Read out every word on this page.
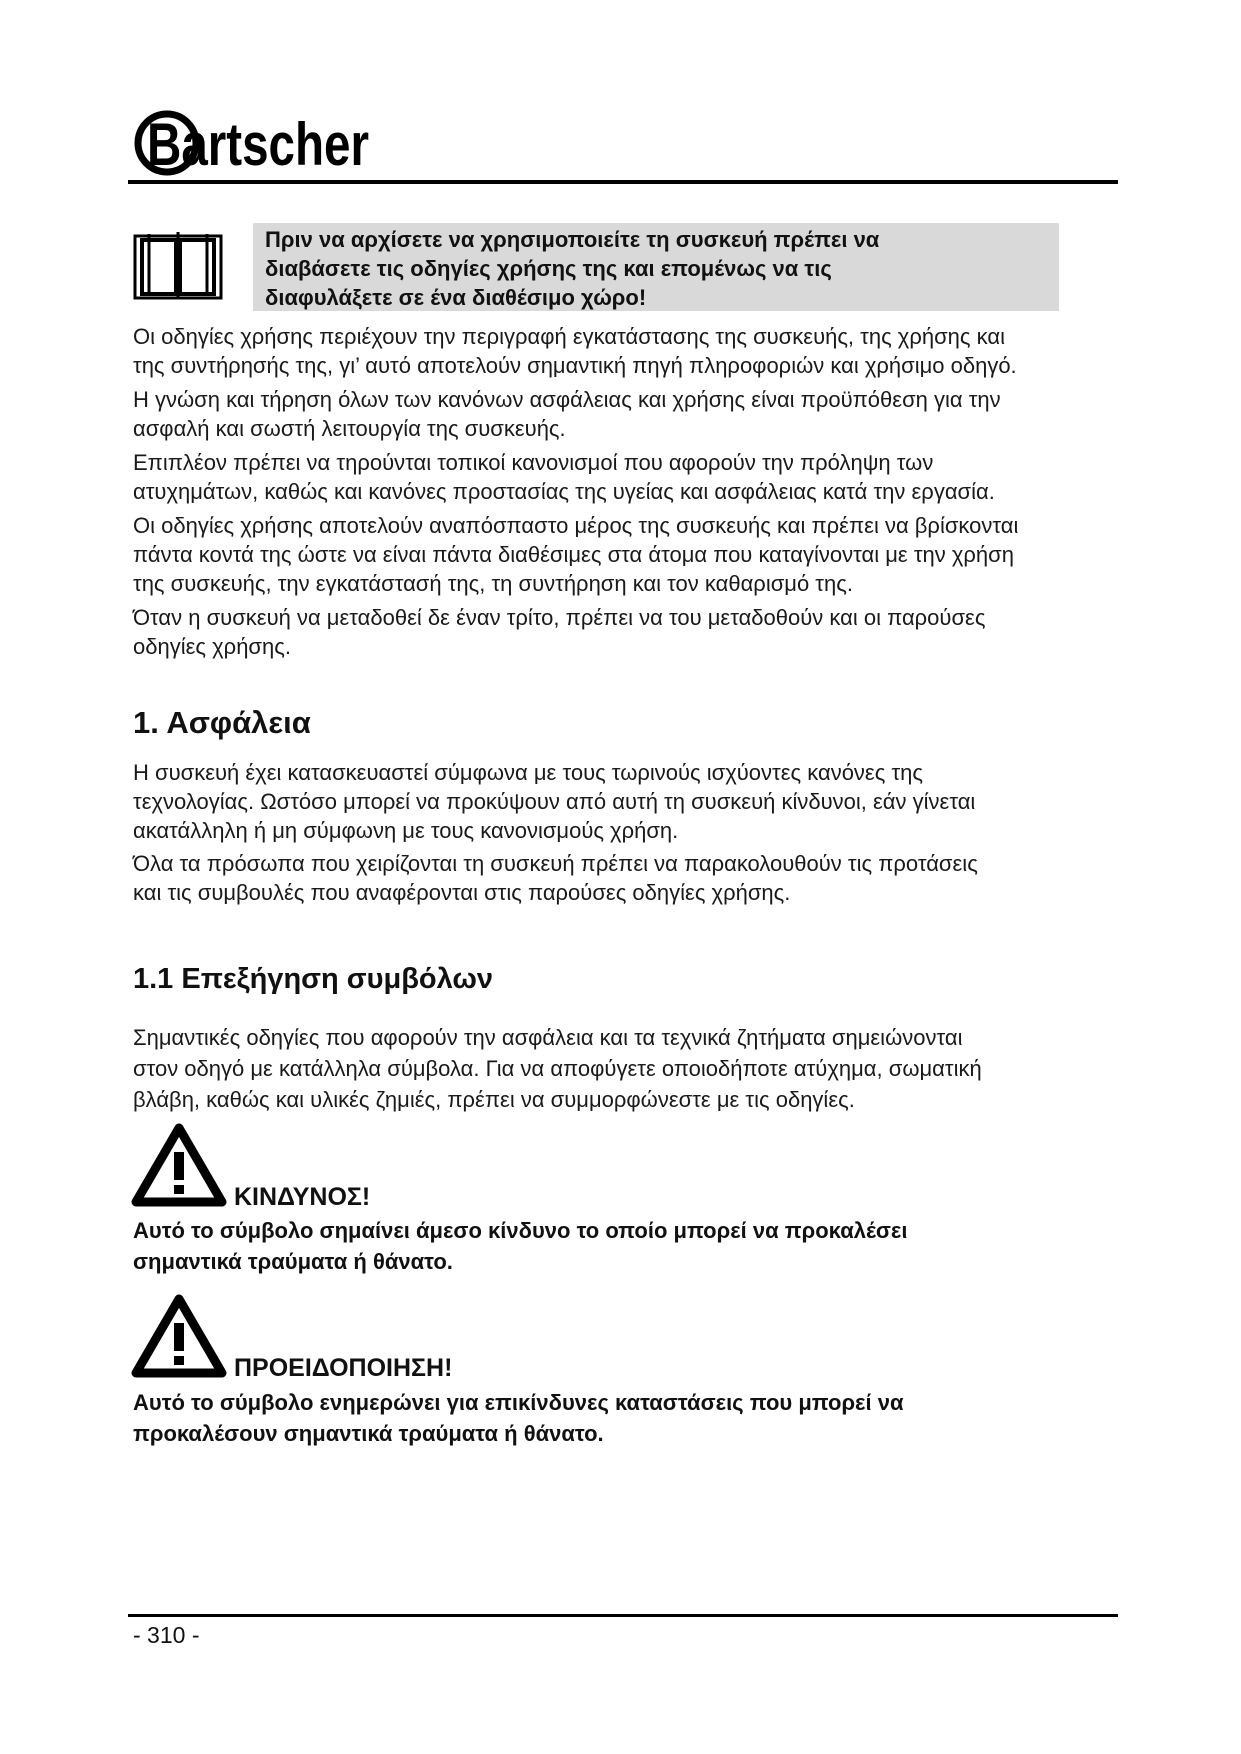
Bartscher
Πριν να αρχίσετε να χρησιμοποιείτε τη συσκευή πρέπει να
διαβάσετε τις οδηγίες χρήσης της και επομένως να τις
διαφυλάξετε σε ένα διαθέσιμο χώρο!
Οι οδηγίες χρήσης περιέχουν την περιγραφή εγκατάστασης της συσκευής, της χρήσης και
της συντήρησής της, γι’ αυτό αποτελούν σημαντική πηγή πληροφοριών και χρήσιμο οδηγό.
Η γνώση και τήρηση όλων των κανόνων ασφάλειας και χρήσης είναι προϋπόθεση για την
ασφαλή και σωστή λειτουργία της συσκευής.
Επιπλέον πρέπει να τηρούνται τοπικοί κανονισμοί που αφορούν την πρόληψη των
ατυχημάτων, καθώς και κανόνες προστασίας της υγείας και ασφάλειας κατά την εργασία.
Οι οδηγίες χρήσης αποτελούν αναπόσπαστο μέρος της συσκευής και πρέπει να βρίσκονται
πάντα κοντά της ώστε να είναι πάντα διαθέσιμες στα άτομα που καταγίνονται με την χρήση
της συσκευής, την εγκατάστασή της, τη συντήρηση και τον καθαρισμό της.
Όταν η συσκευή να μεταδοθεί δε έναν τρίτο, πρέπει να του μεταδοθούν και οι παρούσες
οδηγίες χρήσης.
1. Ασφάλεια
Η συσκευή έχει κατασκευαστεί σύμφωνα με τους τωρινούς ισχύοντες κανόνες της
τεχνολογίας. Ωστόσο μπορεί να προκύψουν από αυτή τη συσκευή κίνδυνοι, εάν γίνεται
ακατάλληλη ή μη σύμφωνη με τους κανονισμούς χρήση.
Όλα τα πρόσωπα που χειρίζονται τη συσκευή πρέπει να παρακολουθούν τις προτάσεις
και τις συμβουλές που αναφέρονται στις παρούσες οδηγίες χρήσης.
1.1 Επεξήγηση συμβόλων
Σημαντικές οδηγίες που αφορούν την ασφάλεια και τα τεχνικά ζητήματα σημειώνονται
στον οδηγό με κατάλληλα σύμβολα. Για να αποφύγετε οποιοδήποτε ατύχημα, σωματική
βλάβη, καθώς και υλικές ζημιές, πρέπει να συμμορφώνεστε με τις οδηγίες.
ΚΙΝΔΥΝΟΣ!
Αυτό το σύμβολο σημαίνει άμεσο κίνδυνο το οποίο μπορεί να προκαλέσει
σημαντικά τραύματα ή θάνατο.
ΠΡΟΕΙΔΟΠΟΙΗΣΗ!
Αυτό το σύμβολο ενημερώνει για επικίνδυνες καταστάσεις που μπορεί να
προκαλέσουν σημαντικά τραύματα ή θάνατο.
- 310 -
